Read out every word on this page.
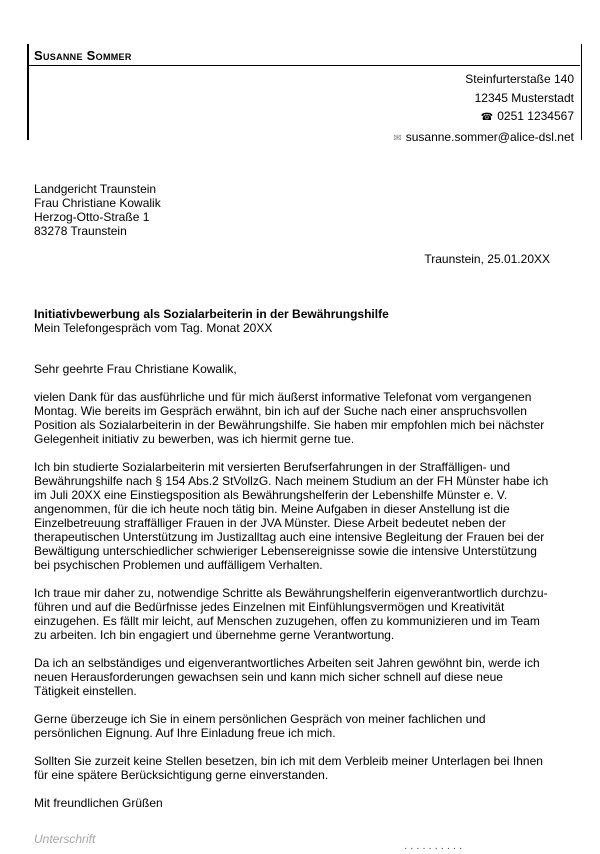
Susanne Sommer
Steinfurterstaße 140
12345 Musterstadt
☎ 0251 1234567
✉ susanne.sommer@alice-dsl.net
Landgericht Traunstein
Frau Christiane Kowalik
Herzog-Otto-Straße 1
83278 Traunstein
Traunstein, 25.01.20XX
Initiativbewerbung als Sozialarbeiterin in der Bewährungshilfe
Mein Telefongespräch vom Tag. Monat 20XX

Sehr geehrte Frau Christiane Kowalik,

vielen Dank für das ausführliche und für mich äußerst informative Telefonat vom vergangenen
Montag. Wie bereits im Gespräch erwähnt, bin ich auf der Suche nach einer anspruchsvollen
Position als Sozialarbeiterin in der Bewährungshilfe. Sie haben mir empfohlen mich bei nächster
Gelegenheit initiativ zu bewerben, was ich hiermit gerne tue.

Ich bin studierte Sozialarbeiterin mit versierten Berufserfahrungen in der Straffälligen- und
Bewährungshilfe nach § 154 Abs.2 StVollzG. Nach meinem Studium an der FH Münster habe ich
im Juli 20XX eine Einstiegsposition als Bewährungshelferin der Lebenshilfe Münster e. V.
angenommen, für die ich heute noch tätig bin. Meine Aufgaben in dieser Anstellung ist die
Einzelbetreuung straffälliger Frauen in der JVA Münster. Diese Arbeit bedeutet neben der
therapeutischen Unterstützung im Justizalltag auch eine intensive Begleitung der Frauen bei der
Bewältigung unterschiedlicher schwieriger Lebensereignisse sowie die intensive Unterstützung
bei psychischen Problemen und auffälligem Verhalten.

Ich traue mir daher zu, notwendige Schritte als Bewährungshelferin eigenverantwortlich durchzu-
führen und auf die Bedürfnisse jedes Einzelnen mit Einfühlungsvermögen und Kreativität
einzugehen. Es fällt mir leicht, auf Menschen zuzugehen, offen zu kommunizieren und im Team
zu arbeiten. Ich bin engagiert und übernehme gerne Verantwortung.

Da ich an selbständiges und eigenverantwortliches Arbeiten seit Jahren gewöhnt bin, werde ich
neuen Herausforderungen gewachsen sein und kann mich sicher schnell auf diese neue
Tätigkeit einstellen.

Gerne überzeuge ich Sie in einem persönlichen Gespräch von meiner fachlichen und
persönlichen Eignung. Auf Ihre Einladung freue ich mich.

Sollten Sie zurzeit keine Stellen besetzen, bin ich mit dem Verbleib meiner Unterlagen bei Ihnen
für eine spätere Berücksichtigung gerne einverstanden.

Mit freundlichen Grüßen

Unterschrift
· · · · · · · · · ·
